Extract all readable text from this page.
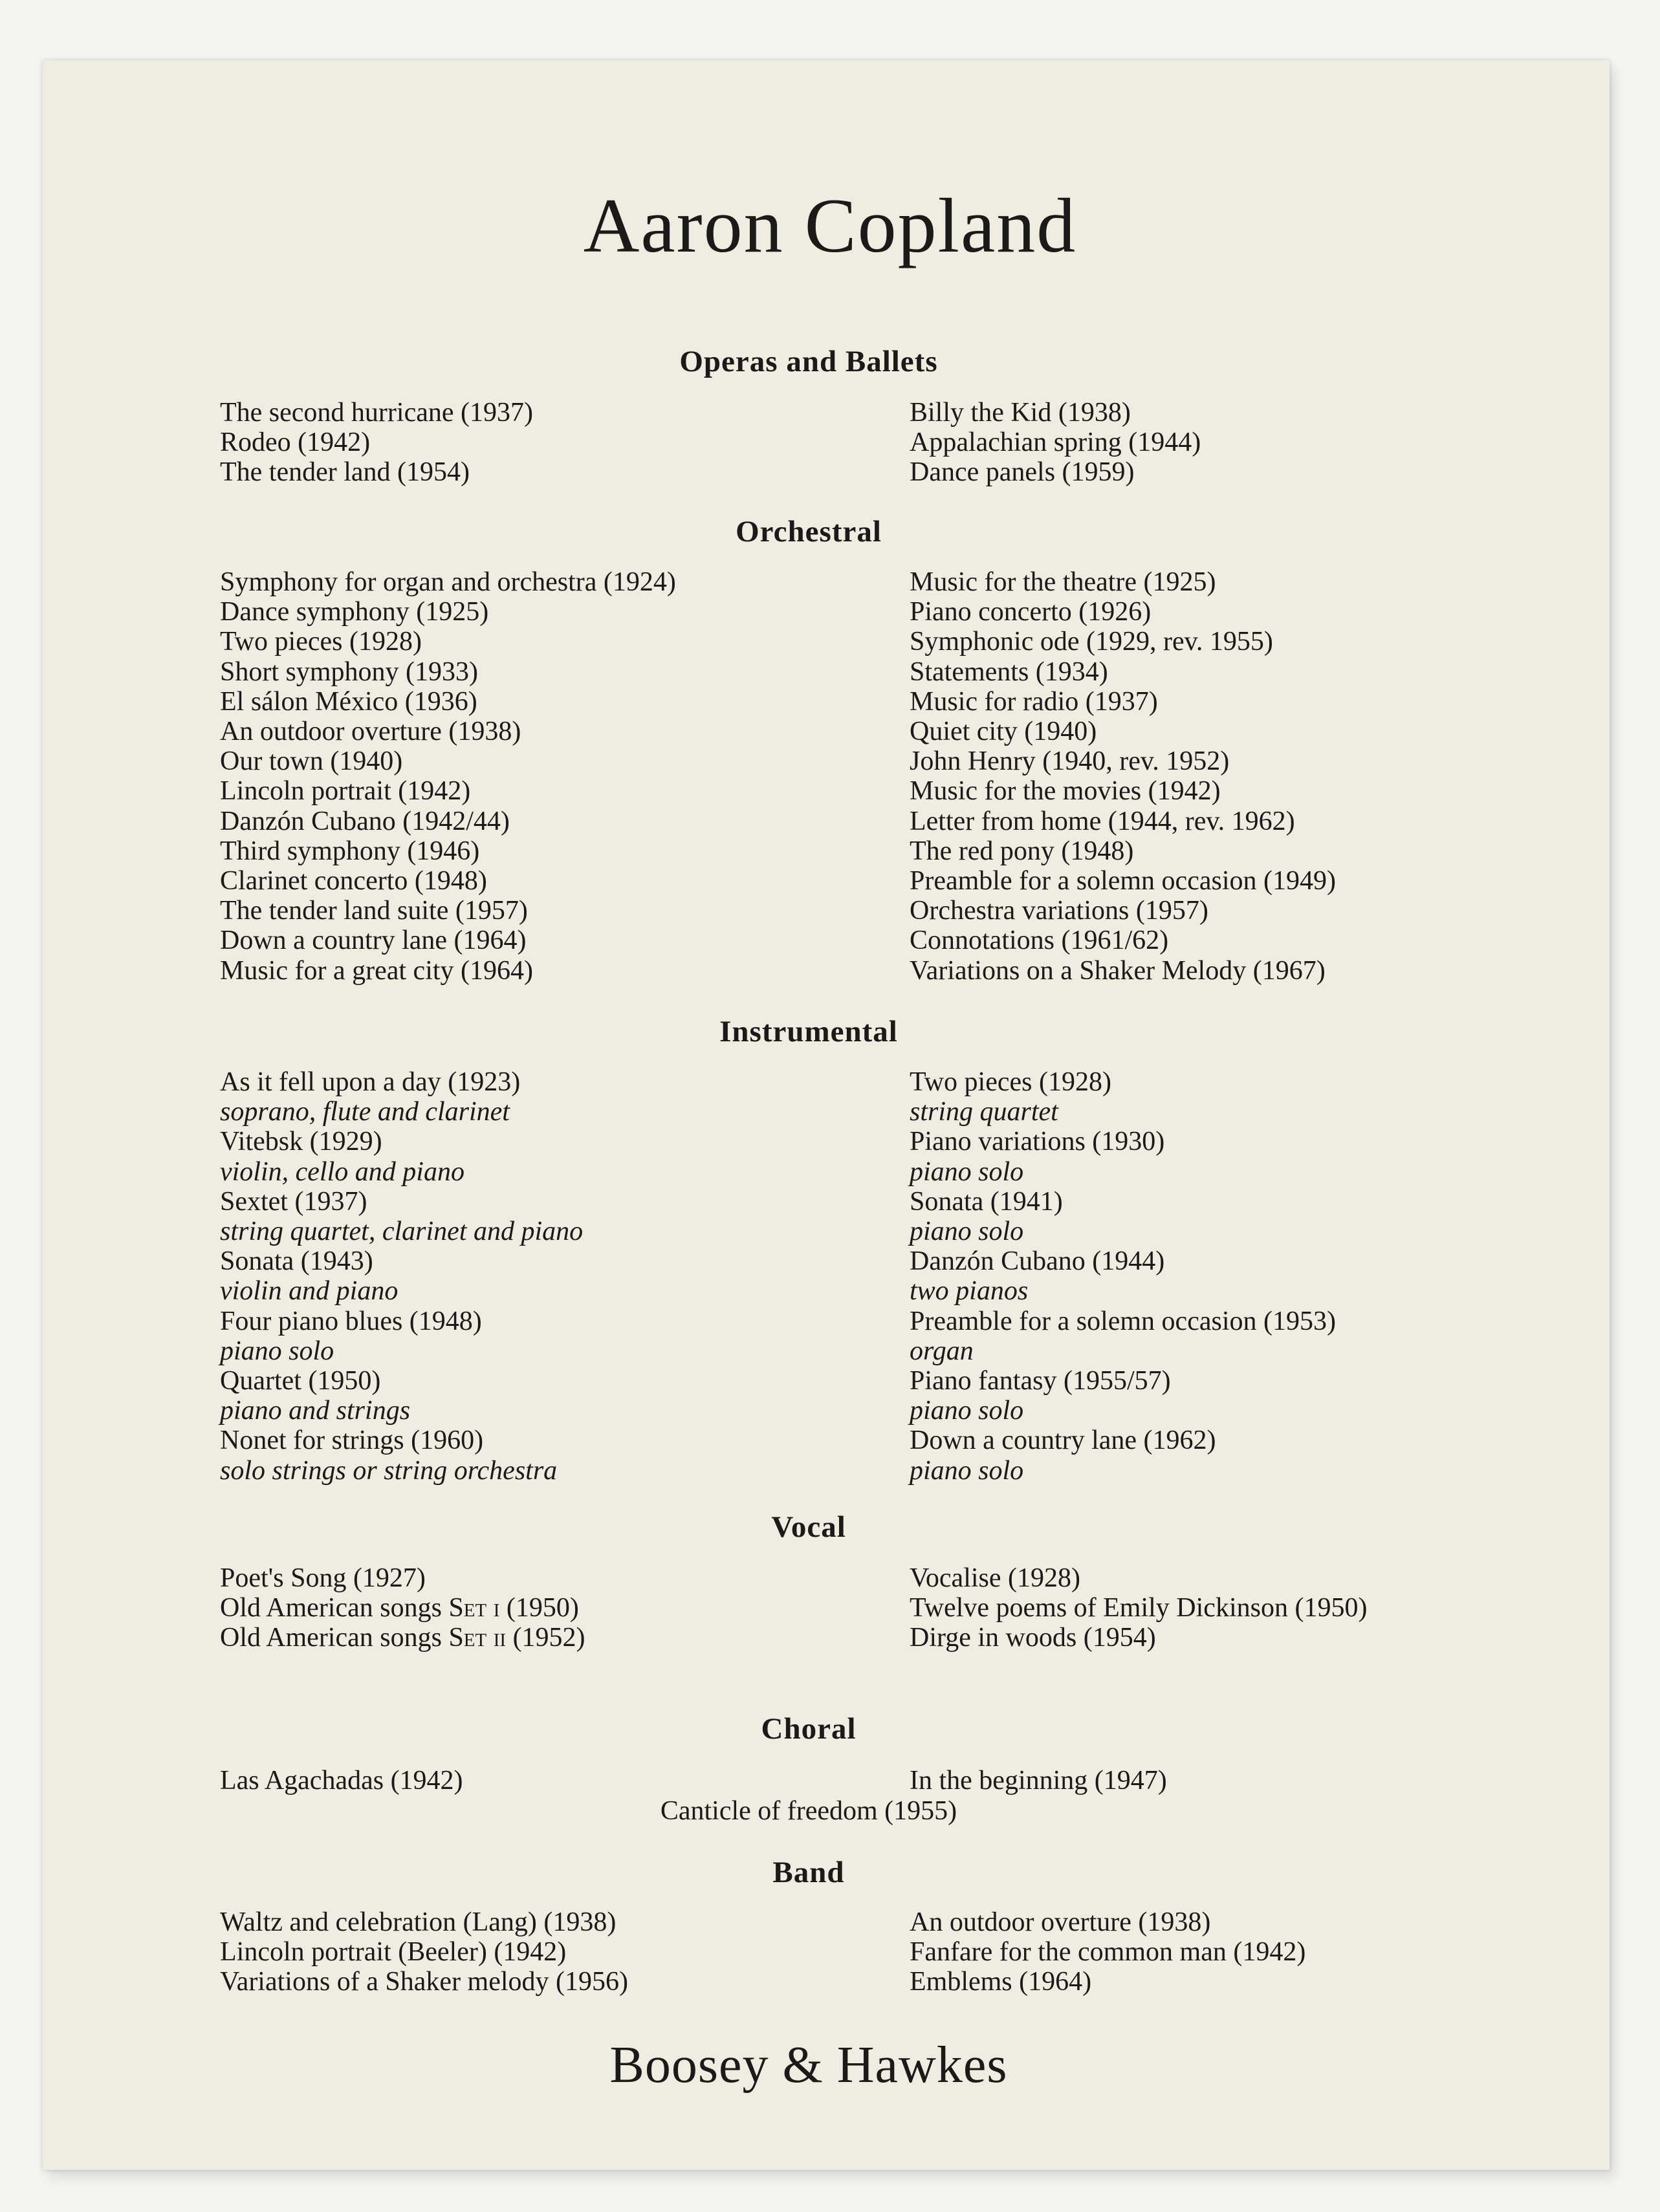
Aaron Copland
Operas and Ballets
The second hurricane (1937)
Rodeo (1942)
The tender land (1954)
Billy the Kid (1938)
Appalachian spring (1944)
Dance panels (1959)
Orchestral
Symphony for organ and orchestra (1924)
Dance symphony (1925)
Two pieces (1928)
Short symphony (1933)
El sálon México (1936)
An outdoor overture (1938)
Our town (1940)
Lincoln portrait (1942)
Danzón Cubano (1942/44)
Third symphony (1946)
Clarinet concerto (1948)
The tender land suite (1957)
Down a country lane (1964)
Music for a great city (1964)
Music for the theatre (1925)
Piano concerto (1926)
Symphonic ode (1929, rev. 1955)
Statements (1934)
Music for radio (1937)
Quiet city (1940)
John Henry (1940, rev. 1952)
Music for the movies (1942)
Letter from home (1944, rev. 1962)
The red pony (1948)
Preamble for a solemn occasion (1949)
Orchestra variations (1957)
Connotations (1961/62)
Variations on a Shaker Melody (1967)
Instrumental
As it fell upon a day (1923)
soprano, flute and clarinet
Vitebsk (1929)
violin, cello and piano
Sextet (1937)
string quartet, clarinet and piano
Sonata (1943)
violin and piano
Four piano blues (1948)
piano solo
Quartet (1950)
piano and strings
Nonet for strings (1960)
solo strings or string orchestra
Two pieces (1928)
string quartet
Piano variations (1930)
piano solo
Sonata (1941)
piano solo
Danzón Cubano (1944)
two pianos
Preamble for a solemn occasion (1953)
organ
Piano fantasy (1955/57)
piano solo
Down a country lane (1962)
piano solo
Vocal
Poet's Song (1927)
Old American songs Set i (1950)
Old American songs Set ii (1952)
Vocalise (1928)
Twelve poems of Emily Dickinson (1950)
Dirge in woods (1954)
Choral
Las Agachadas (1942)	In the beginning (1947)
Canticle of freedom (1955)
Band
Waltz and celebration (Lang) (1938)
Lincoln portrait (Beeler) (1942)
Variations of a Shaker melody (1956)
An outdoor overture (1938)
Fanfare for the common man (1942)
Emblems (1964)
Boosey & Hawkes
